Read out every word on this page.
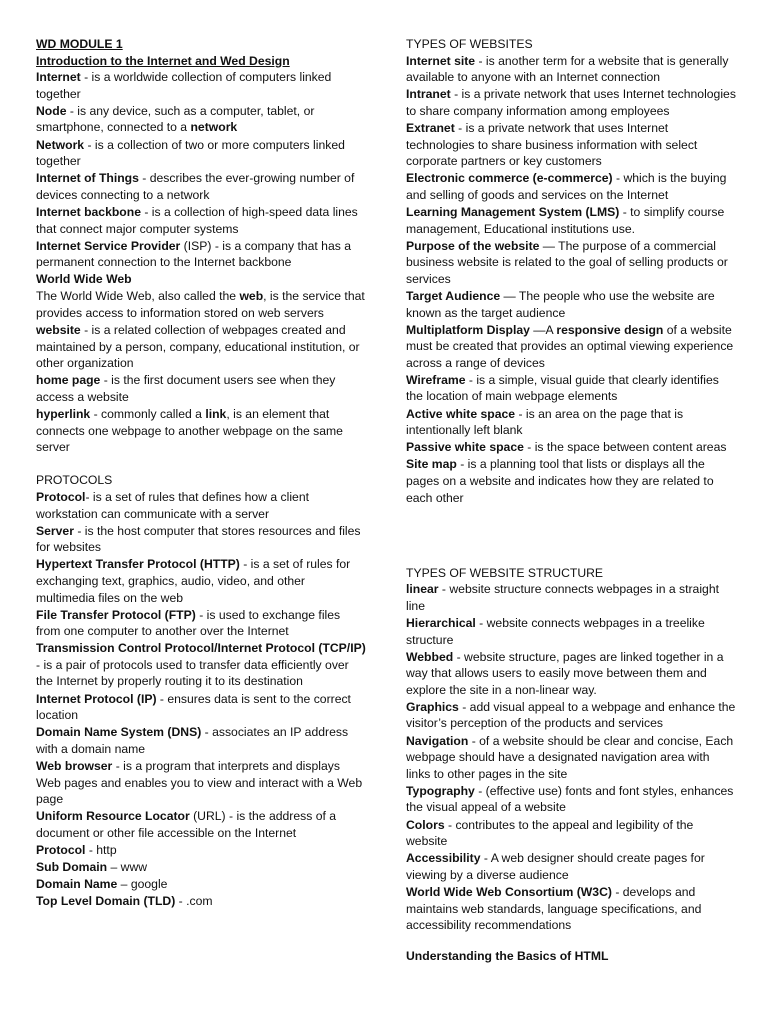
WD MODULE 1
Introduction to the Internet and Wed Design
Internet - is a worldwide collection of computers linked together
Node - is any device, such as a computer, tablet, or smartphone, connected to a network
Network - is a collection of two or more computers linked together
Internet of Things - describes the ever-growing number of devices connecting to a network
Internet backbone - is a collection of high-speed data lines that connect major computer systems
Internet Service Provider (ISP) - is a company that has a permanent connection to the Internet backbone
World Wide Web
The World Wide Web, also called the web, is the service that provides access to information stored on web servers
website - is a related collection of webpages created and maintained by a person, company, educational institution, or other organization
home page - is the first document users see when they access a website
hyperlink - commonly called a link, is an element that connects one webpage to another webpage on the same server
PROTOCOLS
Protocol- is a set of rules that defines how a client workstation can communicate with a server
Server - is the host computer that stores resources and files for websites
Hypertext Transfer Protocol (HTTP) - is a set of rules for exchanging text, graphics, audio, video, and other multimedia files on the web
File Transfer Protocol (FTP) - is used to exchange files from one computer to another over the Internet
Transmission Control Protocol/Internet Protocol (TCP/IP) - is a pair of protocols used to transfer data efficiently over the Internet by properly routing it to its destination
Internet Protocol (IP) - ensures data is sent to the correct location
Domain Name System (DNS) - associates an IP address with a domain name
Web browser - is a program that interprets and displays Web pages and enables you to view and interact with a Web page
Uniform Resource Locator (URL) - is the address of a document or other file accessible on the Internet
Protocol - http
Sub Domain – www
Domain Name – google
Top Level Domain (TLD) - .com
TYPES OF WEBSITES
Internet site - is another term for a website that is generally available to anyone with an Internet connection
Intranet - is a private network that uses Internet technologies to share company information among employees
Extranet - is a private network that uses Internet technologies to share business information with select corporate partners or key customers
Electronic commerce (e-commerce) - which is the buying and selling of goods and services on the Internet
Learning Management System (LMS) - to simplify course management, Educational institutions use.
Purpose of the website — The purpose of a commercial business website is related to the goal of selling products or services
Target Audience — The people who use the website are known as the target audience
Multiplatform Display —A responsive design of a website must be created that provides an optimal viewing experience across a range of devices
Wireframe - is a simple, visual guide that clearly identifies the location of main webpage elements
Active white space - is an area on the page that is intentionally left blank
Passive white space - is the space between content areas
Site map - is a planning tool that lists or displays all the pages on a website and indicates how they are related to each other
TYPES OF WEBSITE STRUCTURE
linear - website structure connects webpages in a straight line
Hierarchical - website connects webpages in a treelike structure
Webbed - website structure, pages are linked together in a way that allows users to easily move between them and explore the site in a non-linear way.
Graphics - add visual appeal to a webpage and enhance the visitor’s perception of the products and services
Navigation - of a website should be clear and concise, Each webpage should have a designated navigation area with links to other pages in the site
Typography - (effective use) fonts and font styles, enhances the visual appeal of a website
Colors - contributes to the appeal and legibility of the website
Accessibility - A web designer should create pages for viewing by a diverse audience
World Wide Web Consortium (W3C) - develops and maintains web standards, language specifications, and accessibility recommendations
Understanding the Basics of HTML
